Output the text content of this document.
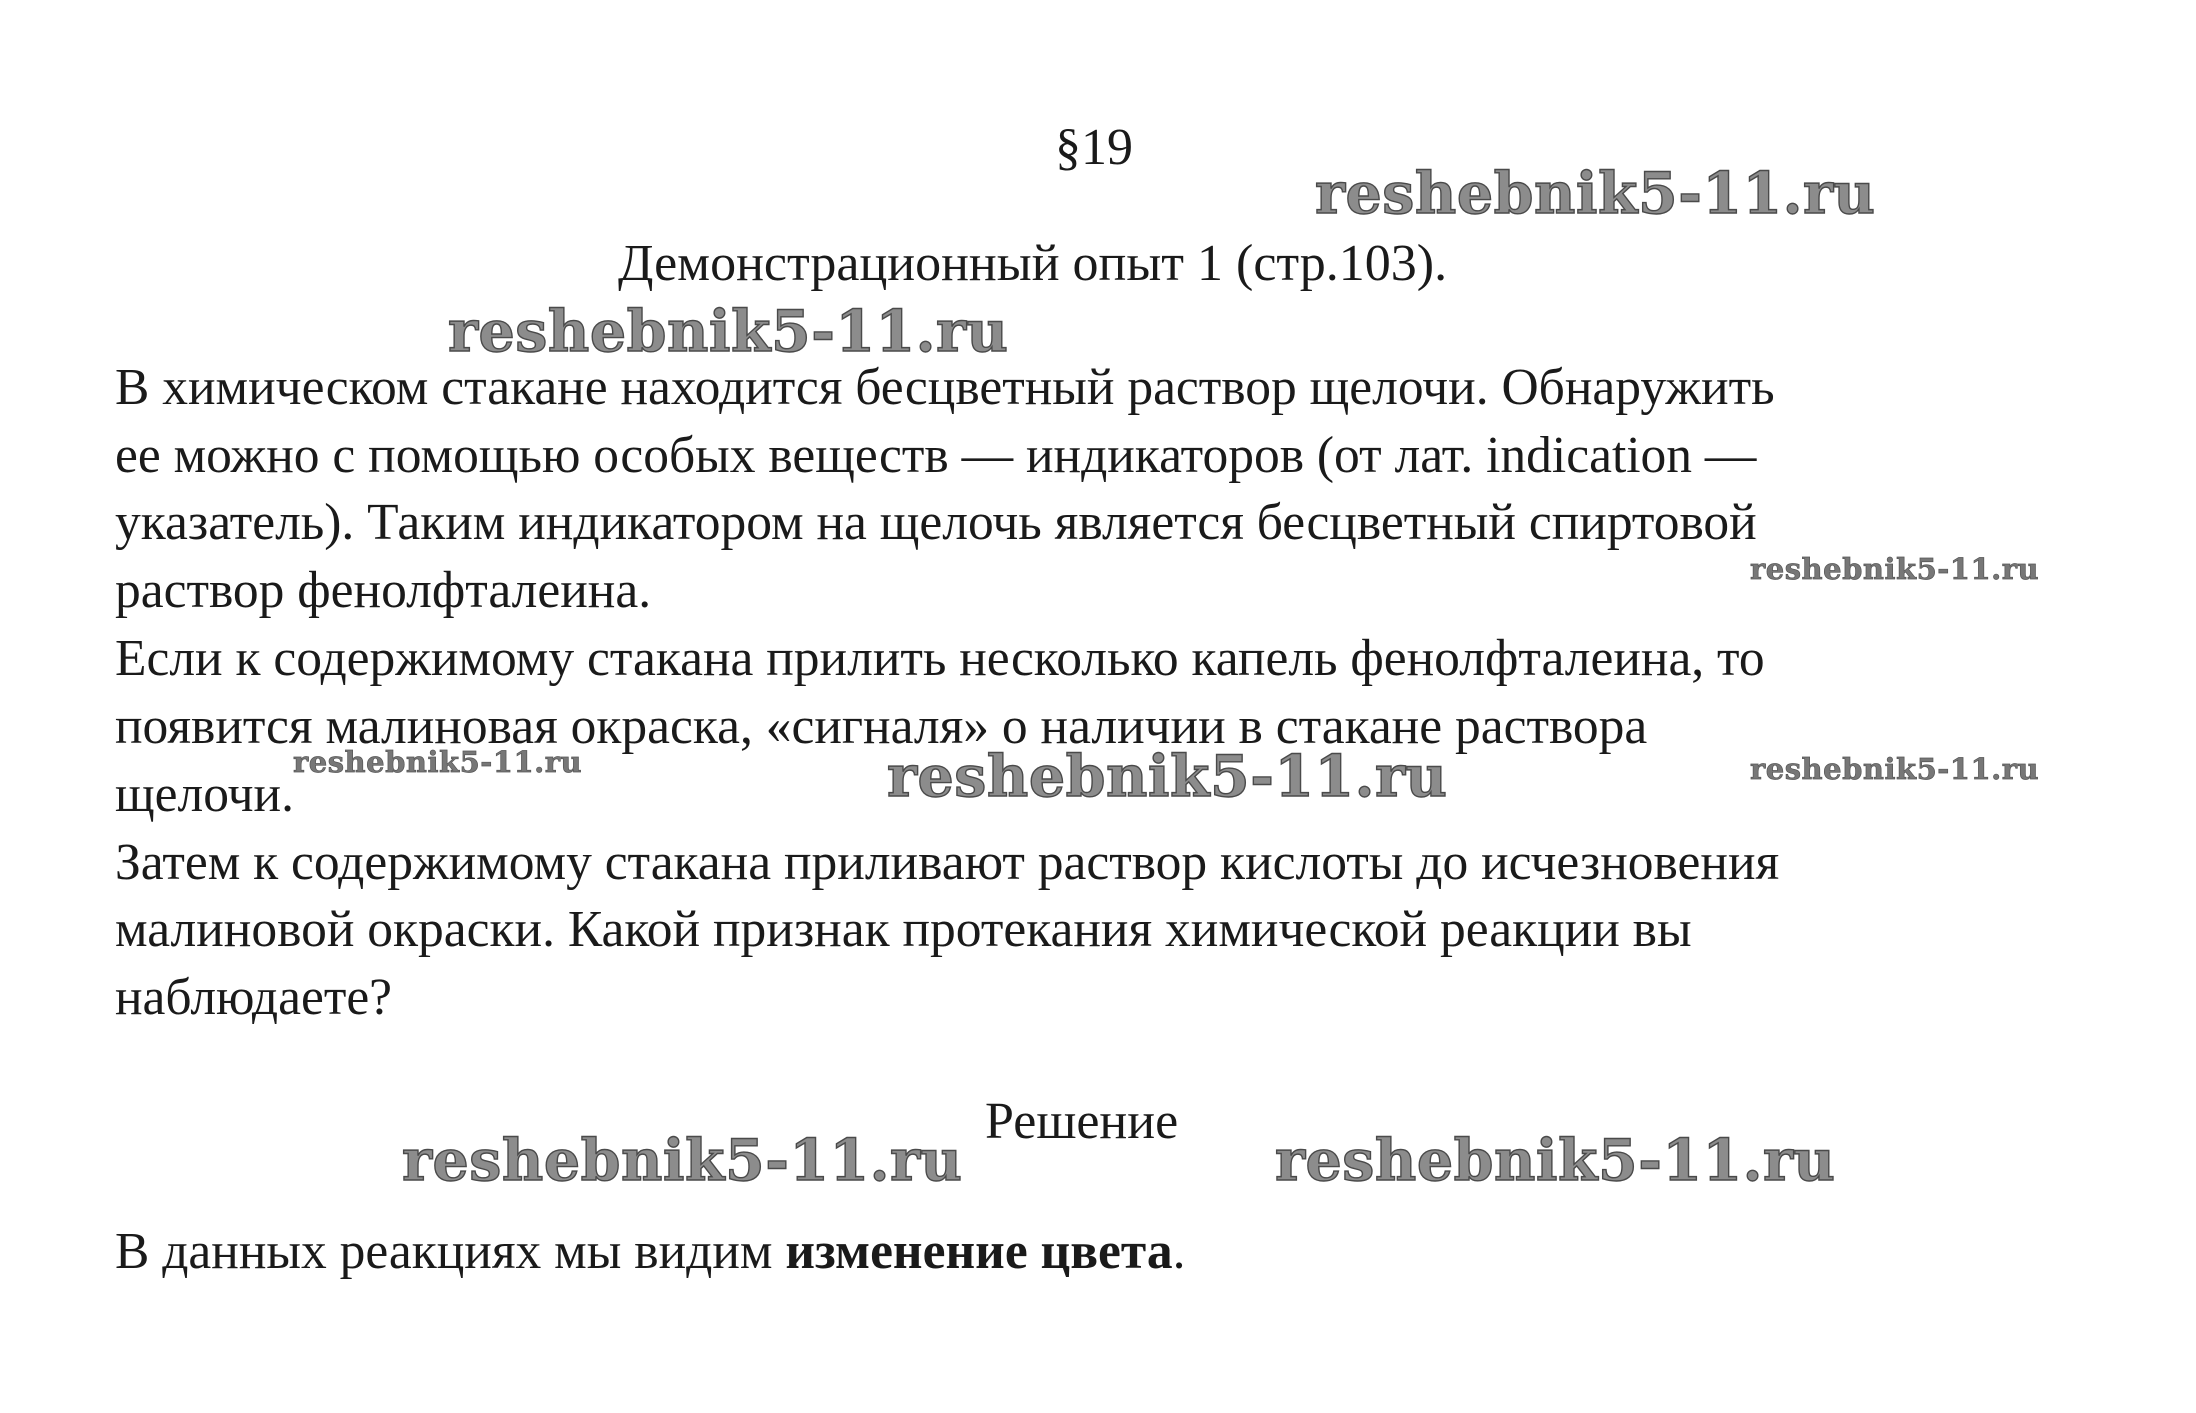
§19
Демонстрационный опыт 1 (стр.103).
В химическом стакане находится бесцветный раствор щелочи. Обнаружить
ее можно с помощью особых веществ — индикаторов (от лат. indication —
указатель). Таким индикатором на щелочь является бесцветный спиртовой
раствор фенолфталеина.
Если к содержимому стакана прилить несколько капель фенолфталеина, то
появится малиновая окраска, «сигналя» о наличии в стакане раствора
щелочи.
Затем к содержимому стакана приливают раствор кислоты до исчезновения
малиновой окраски. Какой признак протекания химической реакции вы
наблюдаете?
Решение
В данных реакциях мы видим изменение цвета.
reshebnik5-11.ru
reshebnik5-11.ru
reshebnik5-11.ru
reshebnik5-11.ru	reshebnik5-11.ru	reshebnik5-11.ru
reshebnik5-11.ru	reshebnik5-11.ru
